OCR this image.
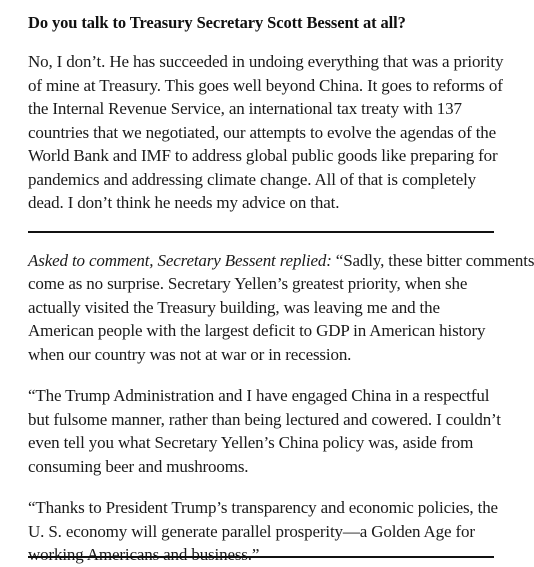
Do you talk to Treasury Secretary Scott Bessent at all?

No, I don’t. He has succeeded in undoing everything that was a priority
of mine at Treasury. This goes well beyond China. It goes to reforms of
the Internal Revenue Service, an international tax treaty with 137
countries that we negotiated, our attempts to evolve the agendas of the
World Bank and IMF to address global public goods like preparing for
pandemics and addressing climate change. All of that is completely
dead. I don’t think he needs my advice on that.

Asked to comment, Secretary Bessent replied: “Sadly, these bitter comments
come as no surprise. Secretary Yellen’s greatest priority, when she
actually visited the Treasury building, was leaving me and the
American people with the largest deficit to GDP in American history
when our country was not at war or in recession.

“The Trump Administration and I have engaged China in a respectful
but fulsome manner, rather than being lectured and cowered. I couldn’t
even tell you what Secretary Yellen’s China policy was, aside from
consuming beer and mushrooms.

“Thanks to President Trump’s transparency and economic policies, the
U. S. economy will generate parallel prosperity—a Golden Age for
working Americans and business.”
